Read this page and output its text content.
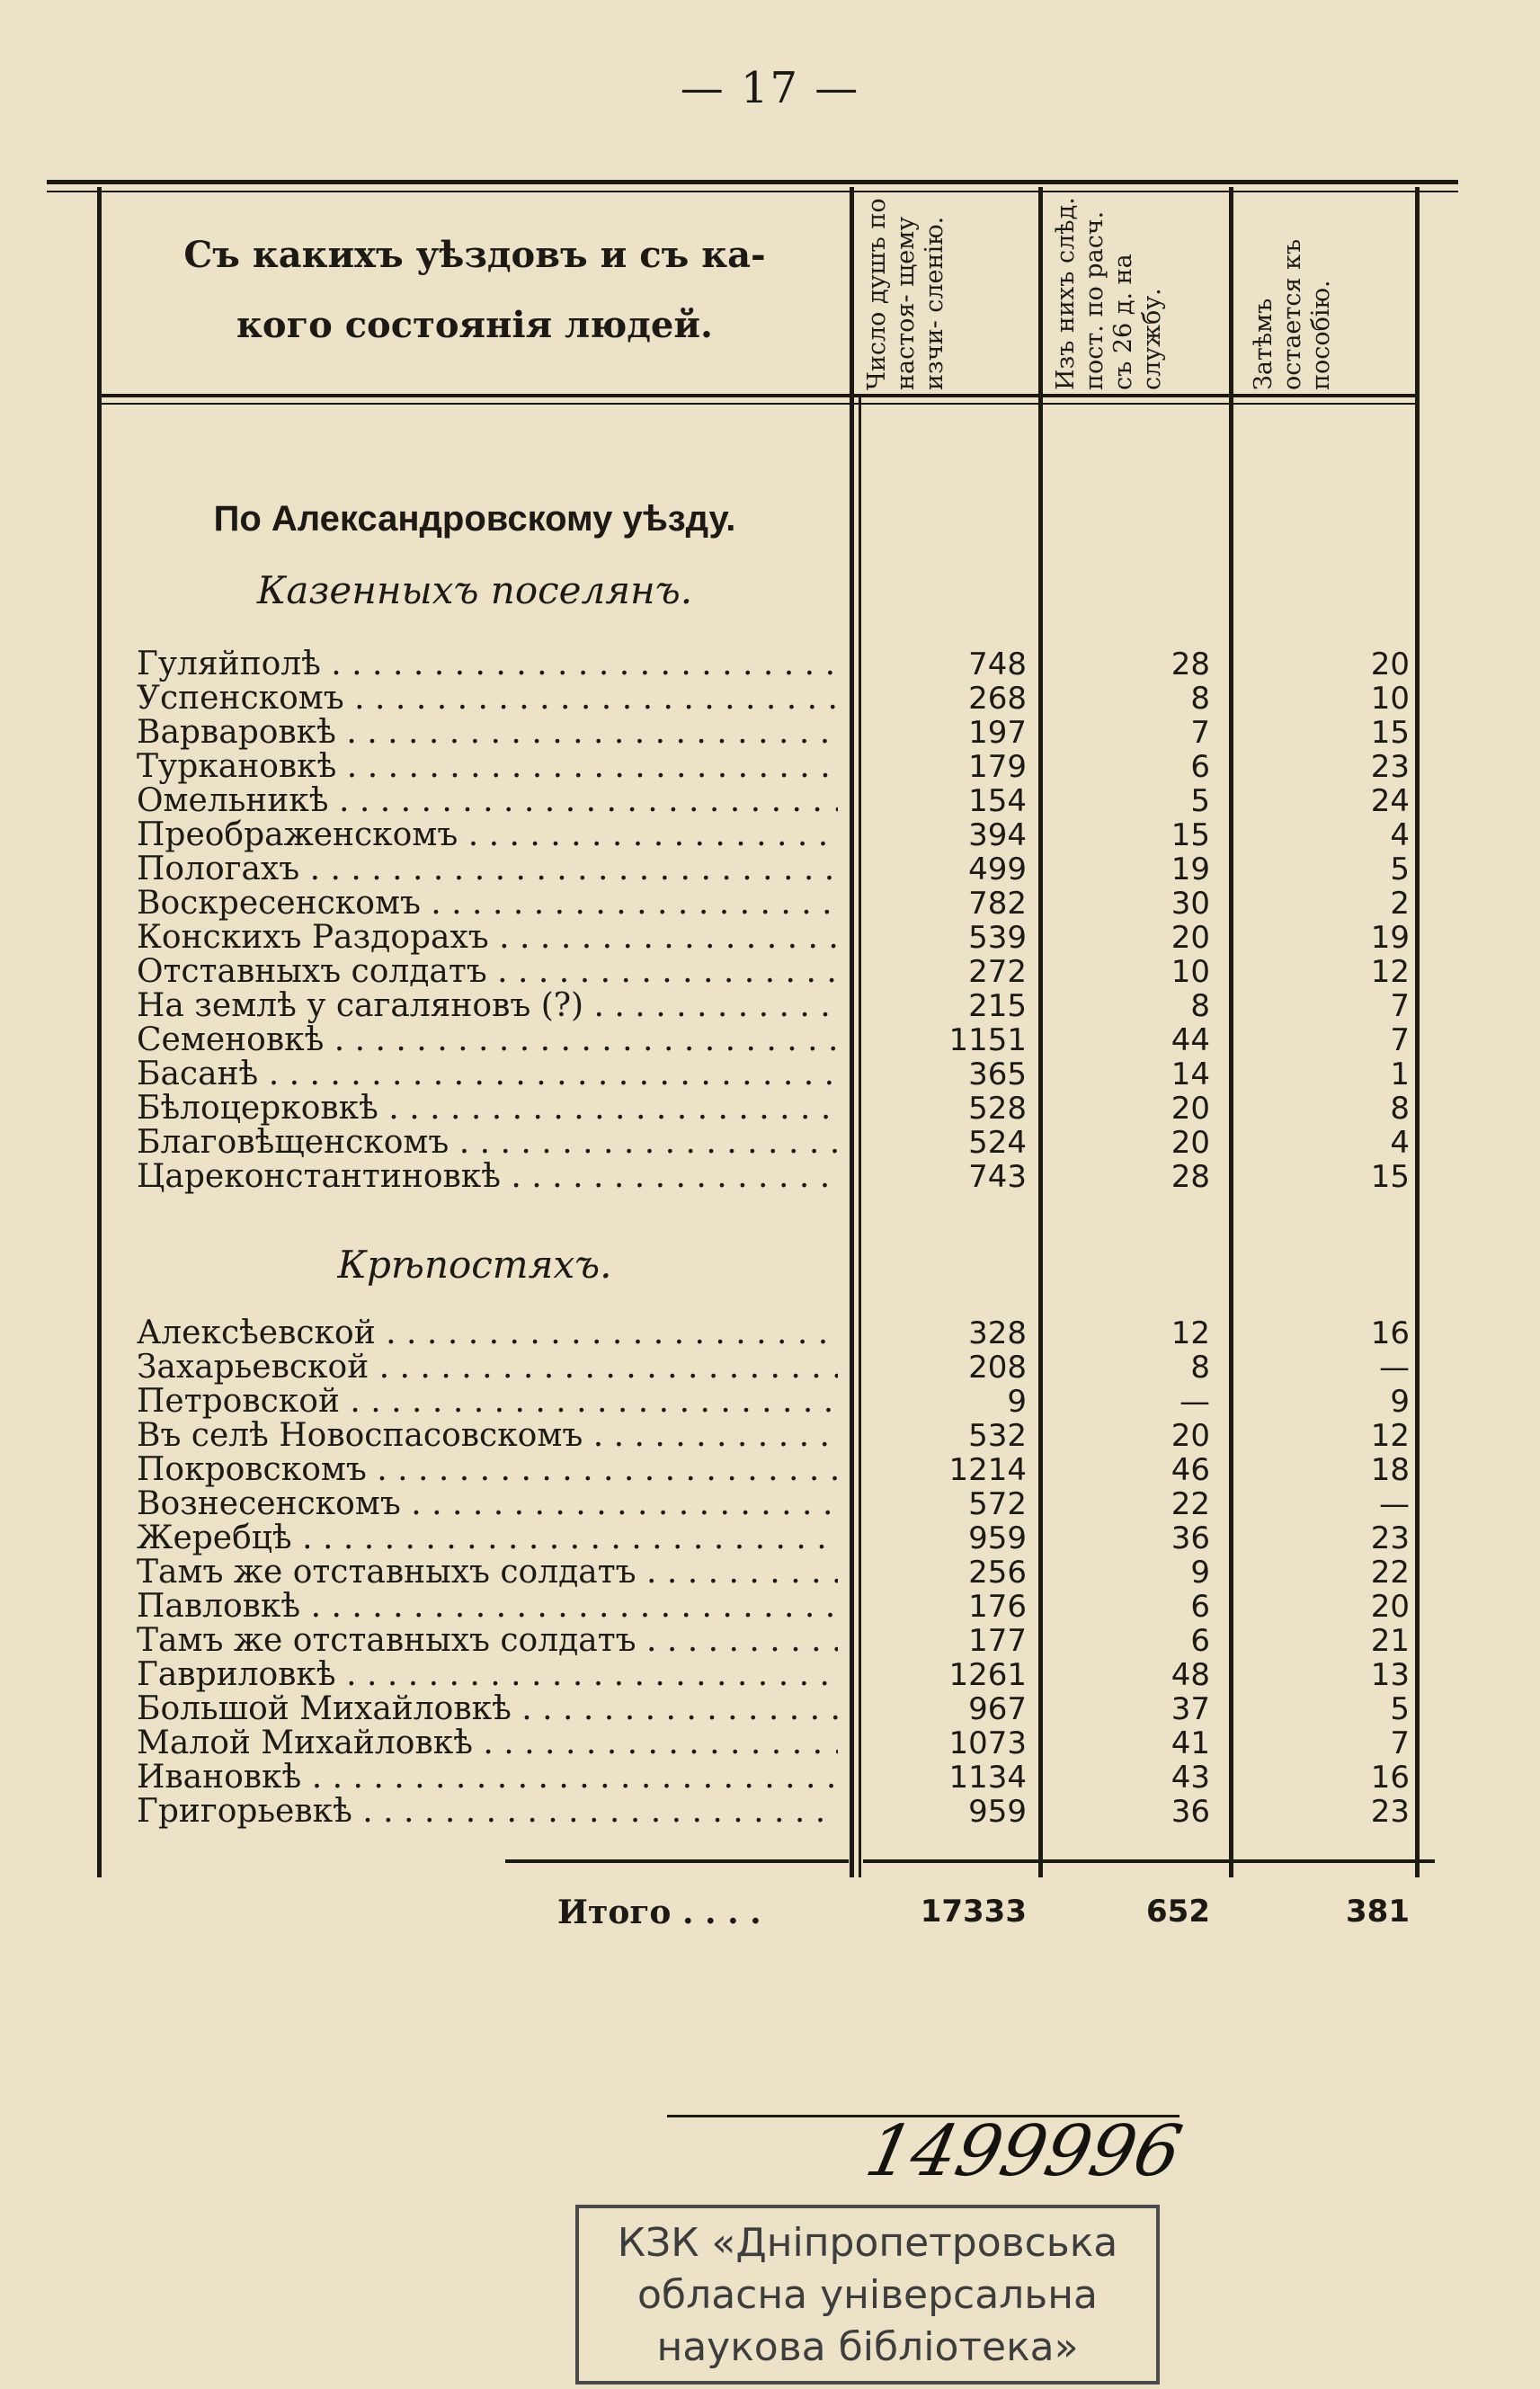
— 17 —
Съ какихъ уѣздовъ и съ ка-
кого состоянія людей.	Число душъ по настоя- щему изчи- сленію.	Изъ нихъ слѣд. пост. по расч. съ 26 д. на службу.	Затѣмъ остается къ пособію.
По Александровскому уѣзду.
Казенныхъ поселянъ.
Гуляйполѣ . . .	748	28	20
Успенскомъ . . .	268	8	10
Варваровкѣ . . .	197	7	15
Туркановкѣ . . .	179	6	23
Омельникѣ . . .	154	5	24
Преображенскомъ . . .	394	15	4
Пологахъ . . .	499	19	5
Воскресенскомъ . . .	782	30	2
Конскихъ Раздорахъ . . .	539	20	19
Отставныхъ солдатъ . . .	272	10	12
На землѣ у сагаляновъ (?) . . .	215	8	7
Семеновкѣ . . .	1151	44	7
Басанѣ . . .	365	14	1
Бѣлоцерковкѣ . . .	528	20	8
Благовѣщенскомъ . . .	524	20	4
Цареконстантиновкѣ . . .	743	28	15
Крѣпостяхъ.
Алексѣевской . . .	328	12	16
Захарьевской . . .	208	8	—
Петровской . . .	9	—	9
Въ селѣ Новоспасовскомъ . . .	532	20	12
Покровскомъ . . .	1214	46	18
Вознесенскомъ . . .	572	22	—
Жеребцѣ . . .	959	36	23
Тамъ же отставныхъ солдатъ . . .	256	9	22
Павловкѣ . . .	176	6	20
Тамъ же отставныхъ солдатъ . . .	177	6	21
Гавриловкѣ . . .	1261	48	13
Большой Михайловкѣ . . .	967	37	5
Малой Михайловкѣ . . .	1073	41	7
Ивановкѣ . . .	1134	43	16
Григорьевкѣ . . .	959	36	23
Итого . . . .	17333	652	381
1499996
КЗК «Дніпропетровська
обласна універсальна
наукова бібліотека»
